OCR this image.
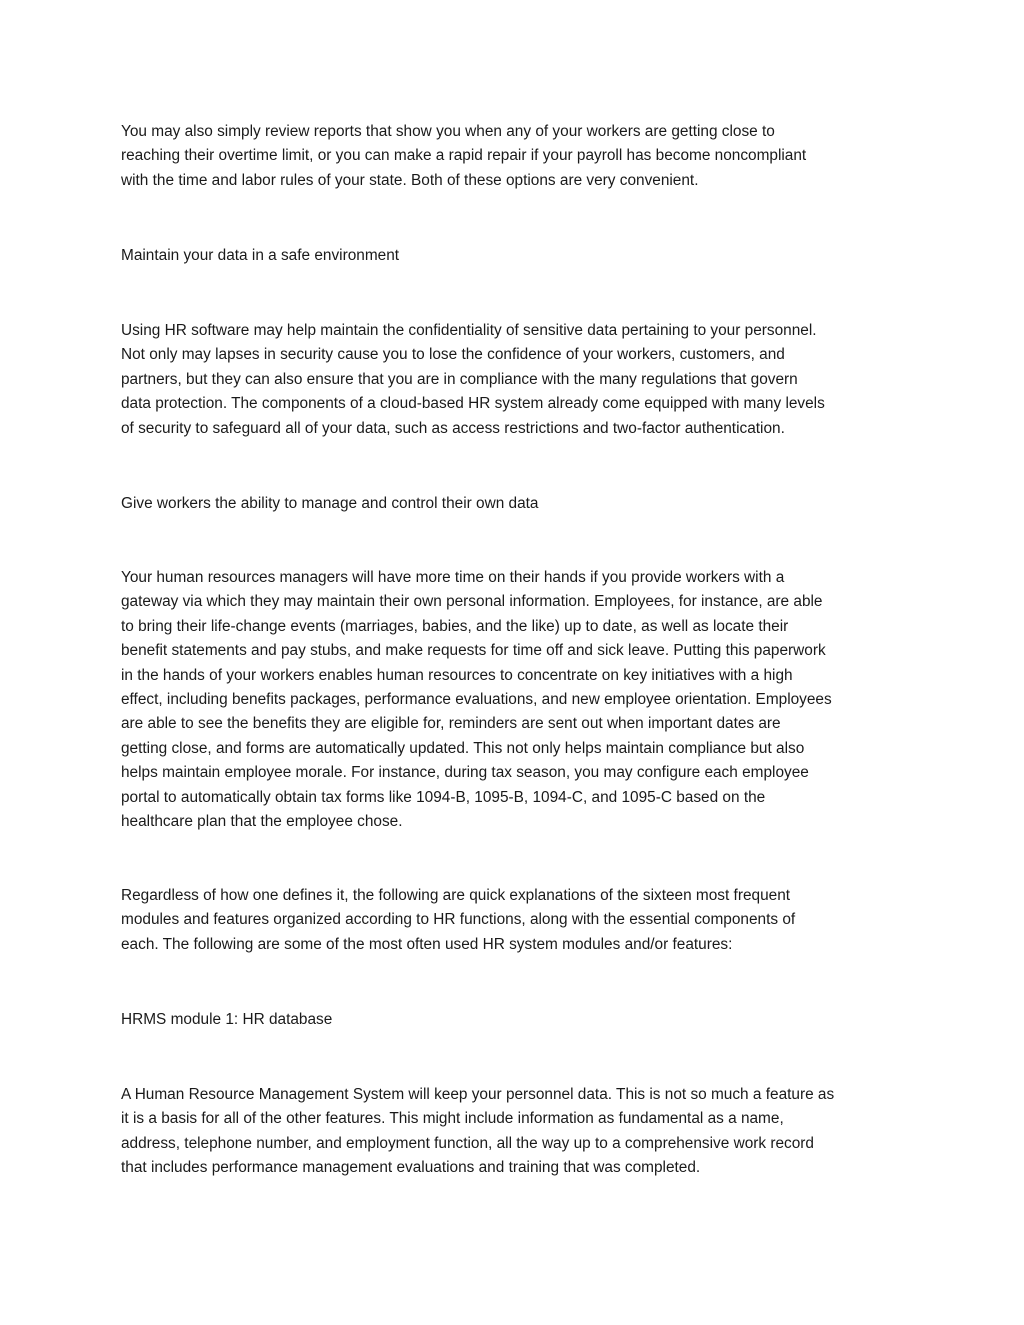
You may also simply review reports that show you when any of your workers are getting close to
reaching their overtime limit, or you can make a rapid repair if your payroll has become noncompliant
with the time and labor rules of your state. Both of these options are very convenient.
Maintain your data in a safe environment
Using HR software may help maintain the confidentiality of sensitive data pertaining to your personnel.
Not only may lapses in security cause you to lose the confidence of your workers, customers, and
partners, but they can also ensure that you are in compliance with the many regulations that govern
data protection. The components of a cloud-based HR system already come equipped with many levels
of security to safeguard all of your data, such as access restrictions and two-factor authentication.
Give workers the ability to manage and control their own data
Your human resources managers will have more time on their hands if you provide workers with a
gateway via which they may maintain their own personal information. Employees, for instance, are able
to bring their life-change events (marriages, babies, and the like) up to date, as well as locate their
benefit statements and pay stubs, and make requests for time off and sick leave. Putting this paperwork
in the hands of your workers enables human resources to concentrate on key initiatives with a high
effect, including benefits packages, performance evaluations, and new employee orientation. Employees
are able to see the benefits they are eligible for, reminders are sent out when important dates are
getting close, and forms are automatically updated. This not only helps maintain compliance but also
helps maintain employee morale. For instance, during tax season, you may configure each employee
portal to automatically obtain tax forms like 1094-B, 1095-B, 1094-C, and 1095-C based on the
healthcare plan that the employee chose.
Regardless of how one defines it, the following are quick explanations of the sixteen most frequent
modules and features organized according to HR functions, along with the essential components of
each. The following are some of the most often used HR system modules and/or features:
HRMS module 1: HR database
A Human Resource Management System will keep your personnel data. This is not so much a feature as
it is a basis for all of the other features. This might include information as fundamental as a name,
address, telephone number, and employment function, all the way up to a comprehensive work record
that includes performance management evaluations and training that was completed.
